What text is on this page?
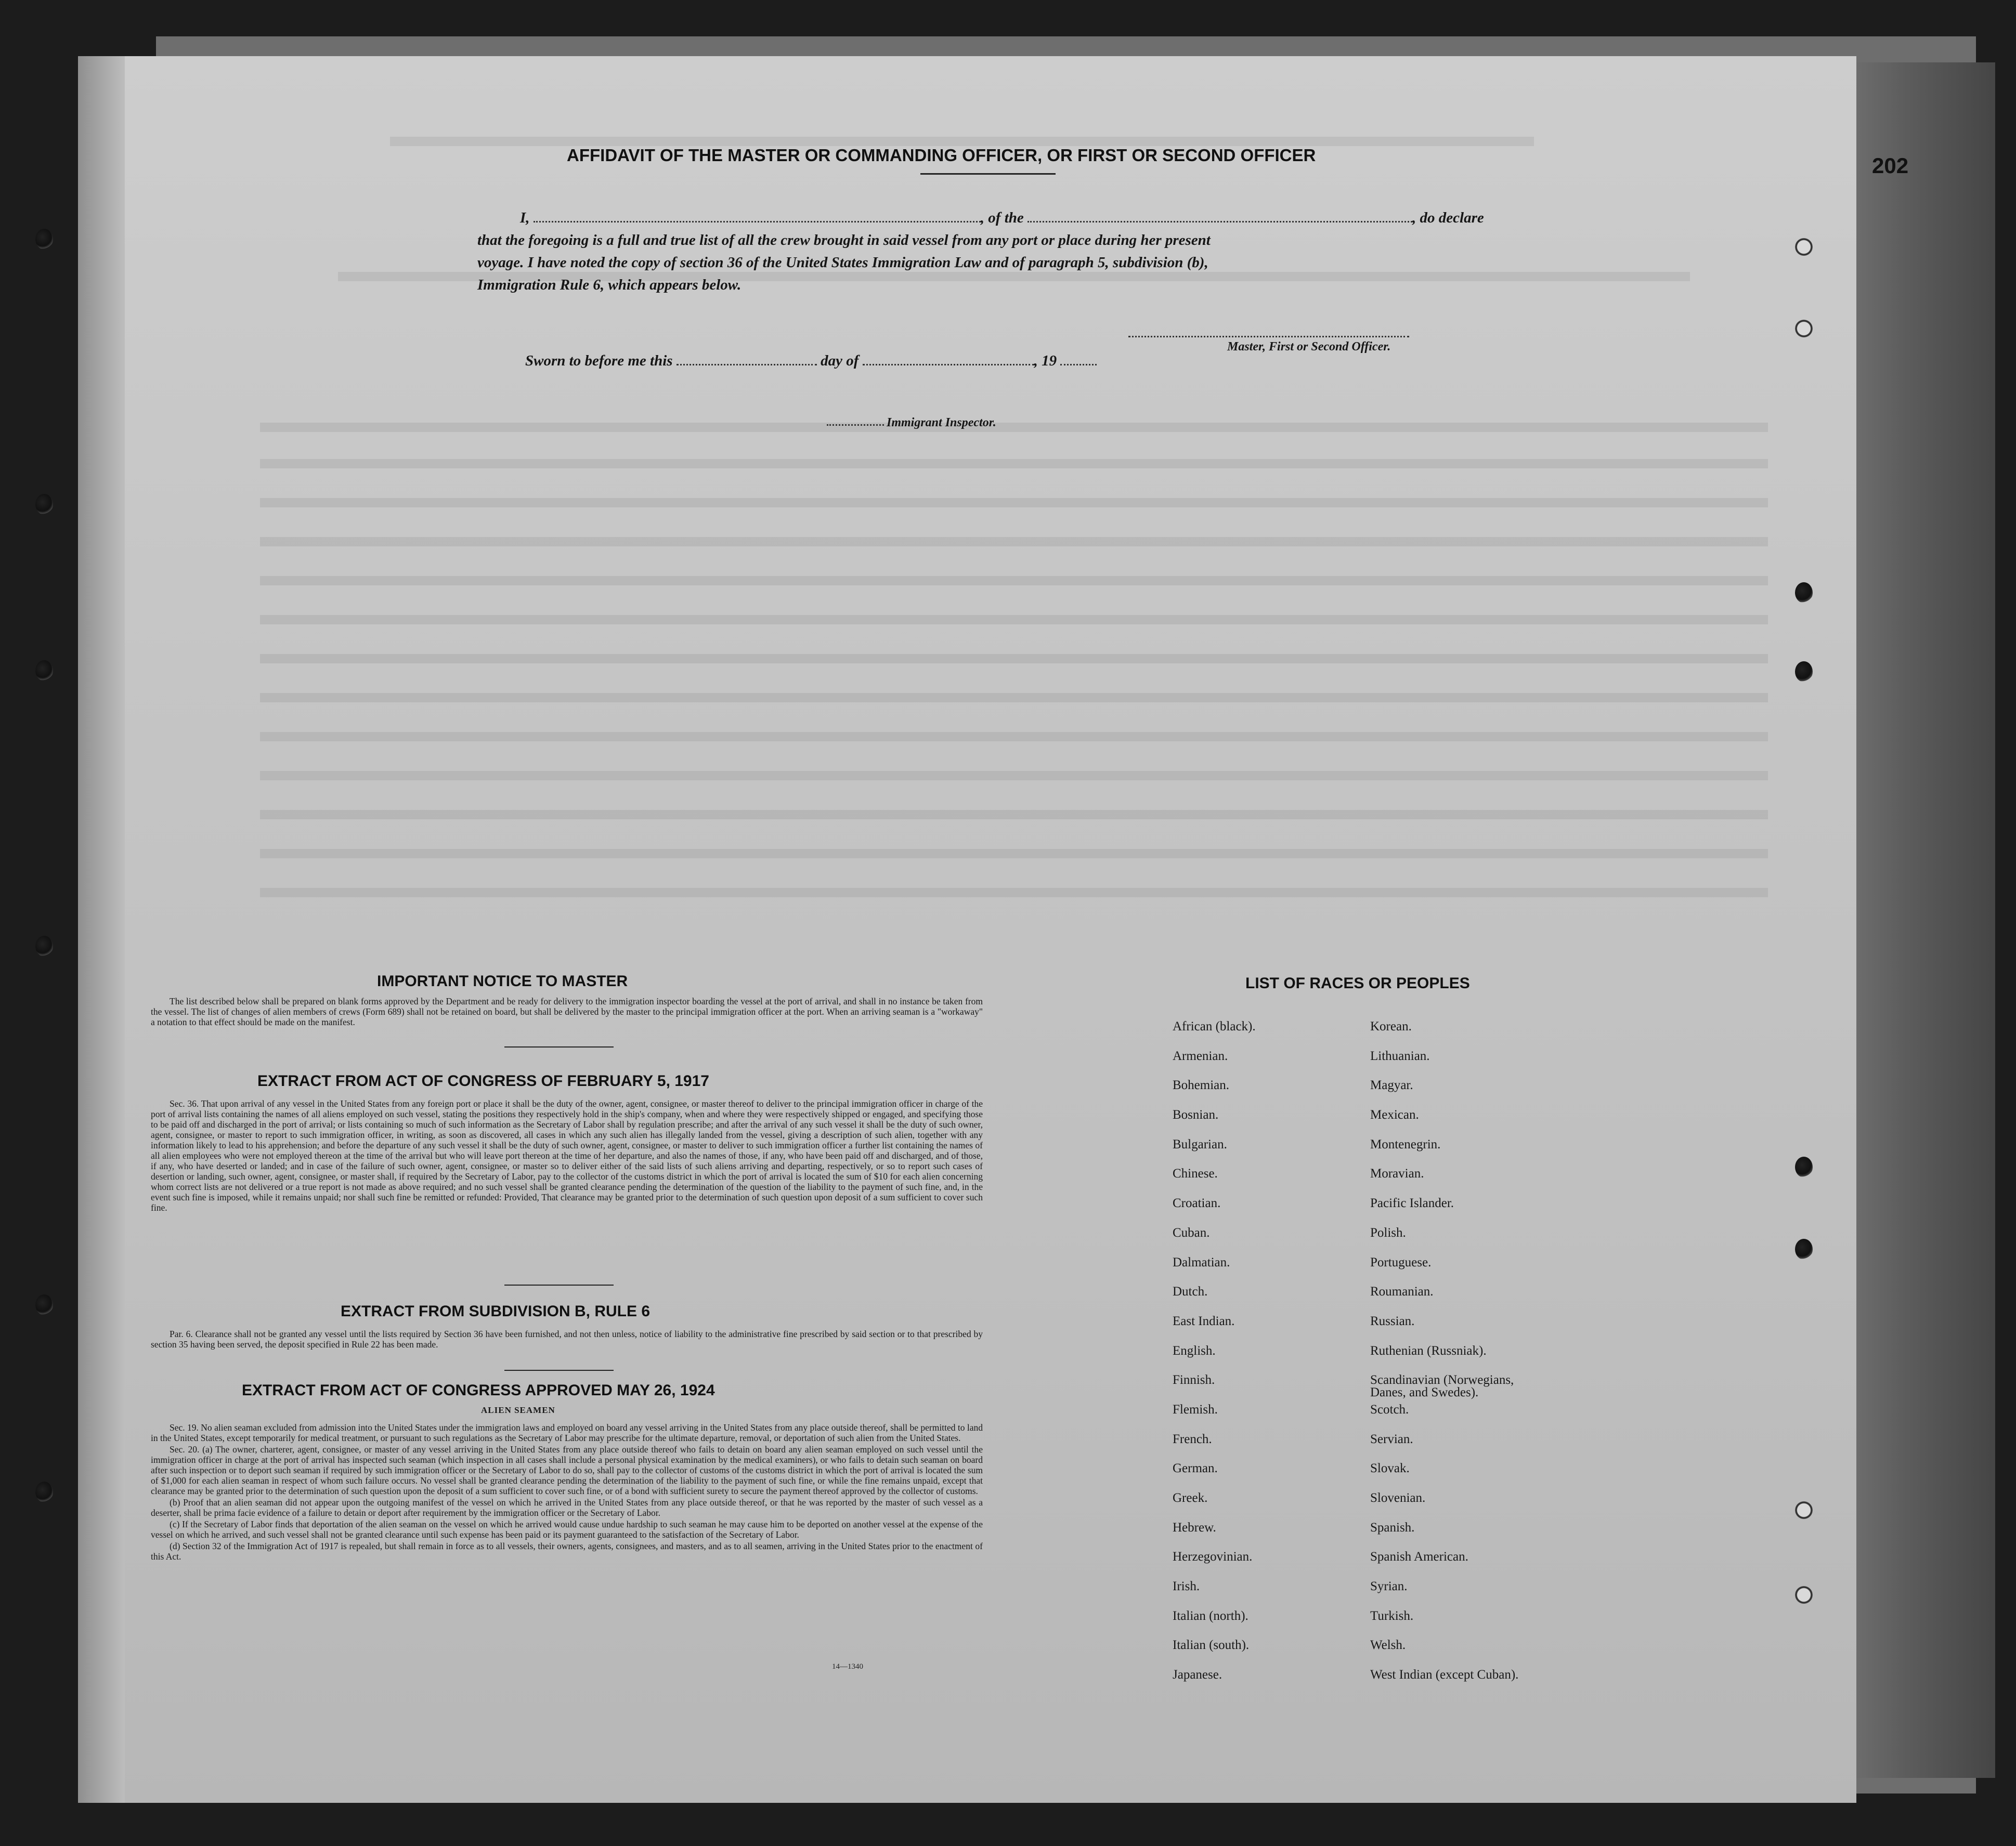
202
AFFIDAVIT OF THE MASTER OR COMMANDING OFFICER, OR FIRST OR SECOND OFFICER
I,	, of the	, do declare
that the foregoing is a full and true list of all the crew brought in said vessel from any port or place during her present
voyage. I have noted the copy of section 36 of the United States Immigration Law and of paragraph 5, subdivision (b),
Immigration Rule 6, which appears below.
Master, First or Second Officer.
Sworn to before me this	day of	, 19
Immigrant Inspector.
IMPORTANT NOTICE TO MASTER

The list described below shall be prepared on blank forms approved by the Department and be ready for delivery to the immigration inspector boarding the vessel at the port of arrival, and shall in no instance be taken from the vessel. The list of changes of alien members of crews (Form 689) shall not be retained on board, but shall be delivered by the master to the principal immigration officer at the port. When an arriving seaman is a "workaway" a notation to that effect should be made on the manifest.

EXTRACT FROM ACT OF CONGRESS OF FEBRUARY 5, 1917

Sec. 36. That upon arrival of any vessel in the United States from any foreign port or place it shall be the duty of the owner, agent, consignee, or master thereof to deliver to the principal immigration officer in charge of the port of arrival lists containing the names of all aliens employed on such vessel, stating the positions they respectively hold in the ship's company, when and where they were respectively shipped or engaged, and specifying those to be paid off and discharged in the port of arrival; or lists containing so much of such information as the Secretary of Labor shall by regulation prescribe; and after the arrival of any such vessel it shall be the duty of such owner, agent, consignee, or master to report to such immigration officer, in writing, as soon as discovered, all cases in which any such alien has illegally landed from the vessel, giving a description of such alien, together with any information likely to lead to his apprehension; and before the departure of any such vessel it shall be the duty of such owner, agent, consignee, or master to deliver to such immigration officer a further list containing the names of all alien employees who were not employed thereon at the time of the arrival but who will leave port thereon at the time of her departure, and also the names of those, if any, who have been paid off and discharged, and of those, if any, who have deserted or landed; and in case of the failure of such owner, agent, consignee, or master so to deliver either of the said lists of such aliens arriving and departing, respectively, or so to report such cases of desertion or landing, such owner, agent, consignee, or master shall, if required by the Secretary of Labor, pay to the collector of the customs district in which the port of arrival is located the sum of $10 for each alien concerning whom correct lists are not delivered or a true report is not made as above required; and no such vessel shall be granted clearance pending the determination of the question of the liability to the payment of such fine, and, in the event such fine is imposed, while it remains unpaid; nor shall such fine be remitted or refunded: Provided, That clearance may be granted prior to the determination of such question upon deposit of a sum sufficient to cover such fine.

EXTRACT FROM SUBDIVISION B, RULE 6

Par. 6. Clearance shall not be granted any vessel until the lists required by Section 36 have been furnished, and not then unless, notice of liability to the administrative fine prescribed by said section or to that prescribed by section 35 having been served, the deposit specified in Rule 22 has been made.

EXTRACT FROM ACT OF CONGRESS APPROVED MAY 26, 1924
ALIEN SEAMEN

Sec. 19. No alien seaman excluded from admission into the United States under the immigration laws and employed on board any vessel arriving in the United States from any place outside thereof, shall be permitted to land in the United States, except temporarily for medical treatment, or pursuant to such regulations as the Secretary of Labor may prescribe for the ultimate departure, removal, or deportation of such alien from the United States.

Sec. 20. (a) The owner, charterer, agent, consignee, or master of any vessel arriving in the United States from any place outside thereof who fails to detain on board any alien seaman employed on such vessel until the immigration officer in charge at the port of arrival has inspected such seaman (which inspection in all cases shall include a personal physical examination by the medical examiners), or who fails to detain such seaman on board after such inspection or to deport such seaman if required by such immigration officer or the Secretary of Labor to do so, shall pay to the collector of customs of the customs district in which the port of arrival is located the sum of $1,000 for each alien seaman in respect of whom such failure occurs. No vessel shall be granted clearance pending the determination of the liability to the payment of such fine, or while the fine remains unpaid, except that clearance may be granted prior to the determination of such question upon the deposit of a sum sufficient to cover such fine, or of a bond with sufficient surety to secure the payment thereof approved by the collector of customs.

(b) Proof that an alien seaman did not appear upon the outgoing manifest of the vessel on which he arrived in the United States from any place outside thereof, or that he was reported by the master of such vessel as a deserter, shall be prima facie evidence of a failure to detain or deport after requirement by the immigration officer or the Secretary of Labor.

(c) If the Secretary of Labor finds that deportation of the alien seaman on the vessel on which he arrived would cause undue hardship to such seaman he may cause him to be deported on another vessel at the expense of the vessel on which he arrived, and such vessel shall not be granted clearance until such expense has been paid or its payment guaranteed to the satisfaction of the Secretary of Labor.

(d) Section 32 of the Immigration Act of 1917 is repealed, but shall remain in force as to all vessels, their owners, agents, consignees, and masters, and as to all seamen, arriving in the United States prior to the enactment of this Act.

14—1340
LIST OF RACES OR PEOPLES
African (black).	Korean.
Armenian.	Lithuanian.
Bohemian.	Magyar.
Bosnian.	Mexican.
Bulgarian.	Montenegrin.
Chinese.	Moravian.
Croatian.	Pacific Islander.
Cuban.	Polish.
Dalmatian.	Portuguese.
Dutch.	Roumanian.
East Indian.	Russian.
English.	Ruthenian (Russniak).
Finnish.	Scandinavian (Norwegians,
Danes, and Swedes).
Flemish.	Scotch.
French.	Servian.
German.	Slovak.
Greek.	Slovenian.
Hebrew.	Spanish.
Herzegovinian.	Spanish American.
Irish.	Syrian.
Italian (north).	Turkish.
Italian (south).	Welsh.
Japanese.	West Indian (except Cuban).
